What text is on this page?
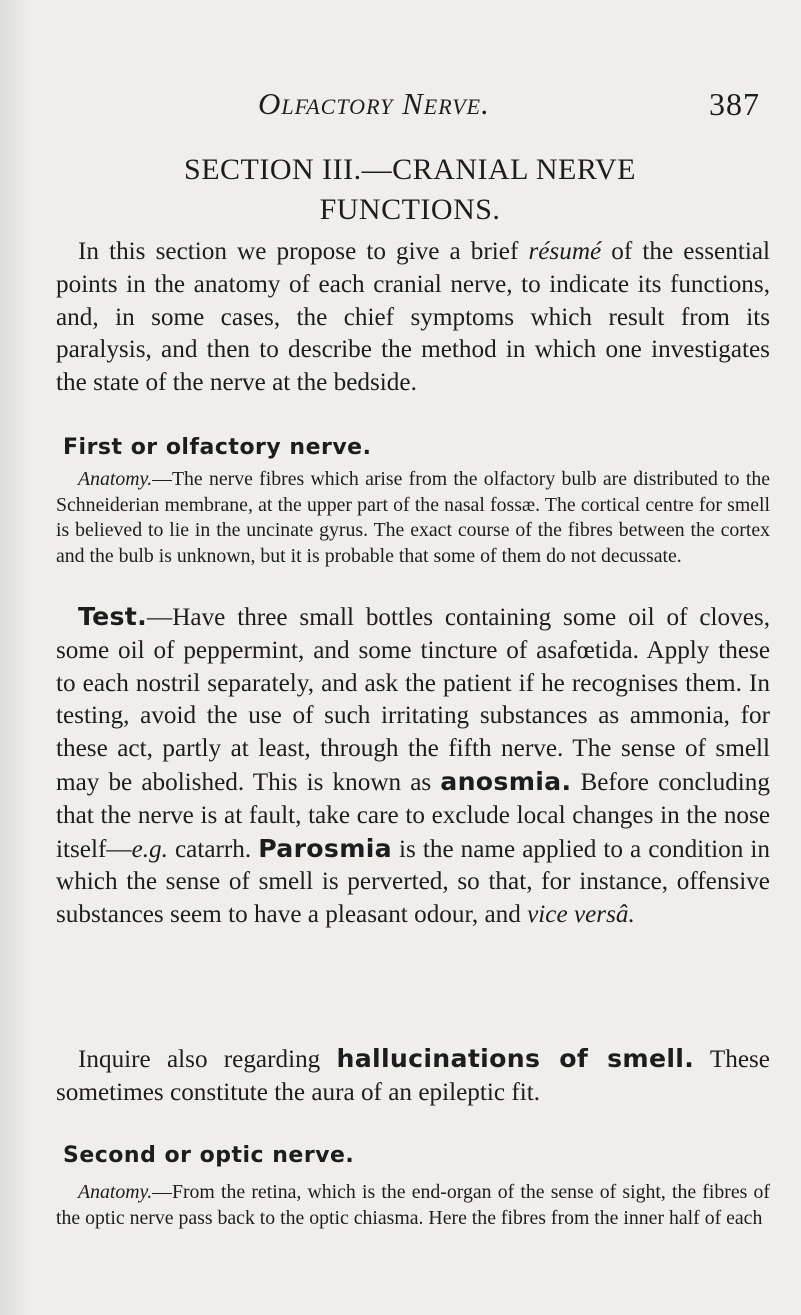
Olfactory Nerve.	387
SECTION III.—CRANIAL NERVE
FUNCTIONS.

In this section we propose to give a brief résumé of the essential points in the anatomy of each cranial nerve, to indicate its functions, and, in some cases, the chief symptoms which result from its paralysis, and then to describe the method in which one investigates the state of the nerve at the bedside.

First or olfactory nerve.

Anatomy.—The nerve fibres which arise from the olfactory bulb are distributed to the Schneiderian membrane, at the upper part of the nasal fossæ. The cortical centre for smell is believed to lie in the uncinate gyrus. The exact course of the fibres between the cortex and the bulb is unknown, but it is probable that some of them do not decussate.

Test.—Have three small bottles containing some oil of cloves, some oil of peppermint, and some tincture of asafœtida. Apply these to each nostril separately, and ask the patient if he recognises them. In testing, avoid the use of such irritating substances as ammonia, for these act, partly at least, through the fifth nerve. The sense of smell may be abolished. This is known as anosmia. Before concluding that the nerve is at fault, take care to exclude local changes in the nose itself—e.g. catarrh. Parosmia is the name applied to a condition in which the sense of smell is perverted, so that, for instance, offensive substances seem to have a pleasant odour, and vice versâ.

Inquire also regarding hallucinations of smell. These sometimes constitute the aura of an epileptic fit.

Second or optic nerve.

Anatomy.—From the retina, which is the end-organ of the sense of sight, the fibres of the optic nerve pass back to the optic chiasma. Here the fibres from the inner half of each
